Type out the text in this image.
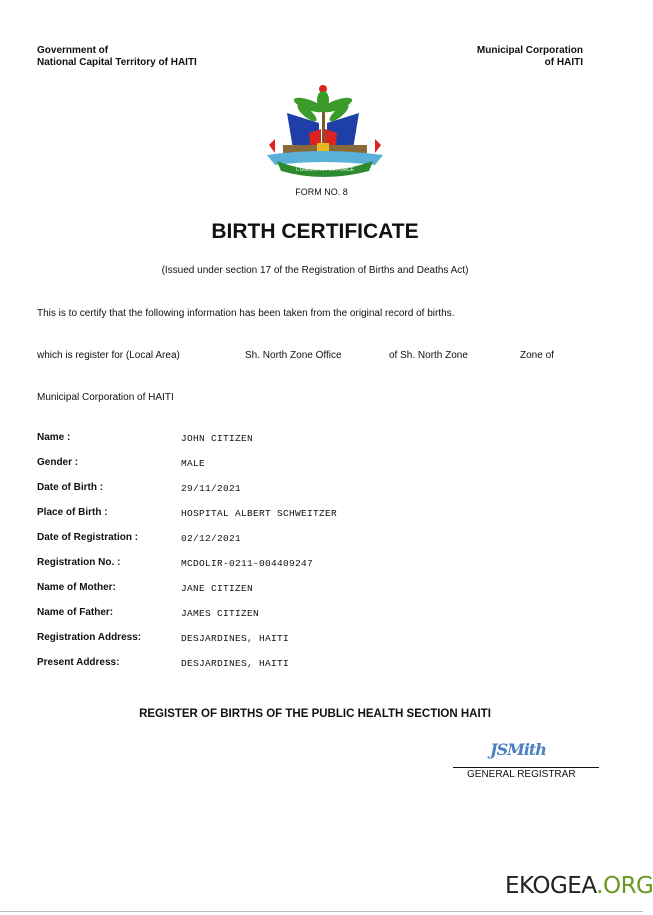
Government of
National Capital Territory of HAITI
Municipal Corporation
of HAITI
L'UNION FAIT LA FORCE
FORM NO. 8
BIRTH CERTIFICATE
(Issued under section 17 of the Registration of Births and Deaths Act)
This is to certify that the following information has been taken from the original record of births.
which is register for (Local Area)	Sh. North Zone Office	of Sh. North Zone	Zone of
Municipal Corporation of HAITI
Name :	JOHN CITIZEN
Gender :	MALE
Date of Birth :	29/11/2021
Place of Birth :	HOSPITAL ALBERT SCHWEITZER
Date of Registration :	02/12/2021
Registration No. :	MCDOLIR-0211-004409247
Name of Mother:	JANE CITIZEN
Name of Father:	JAMES CITIZEN
Registration Address:	DESJARDINES, HAITI
Present Address:	DESJARDINES, HAITI
REGISTER OF BIRTHS OF THE PUBLIC HEALTH SECTION HAITI
JSMith
GENERAL REGISTRAR
EKOGEA.ORG
